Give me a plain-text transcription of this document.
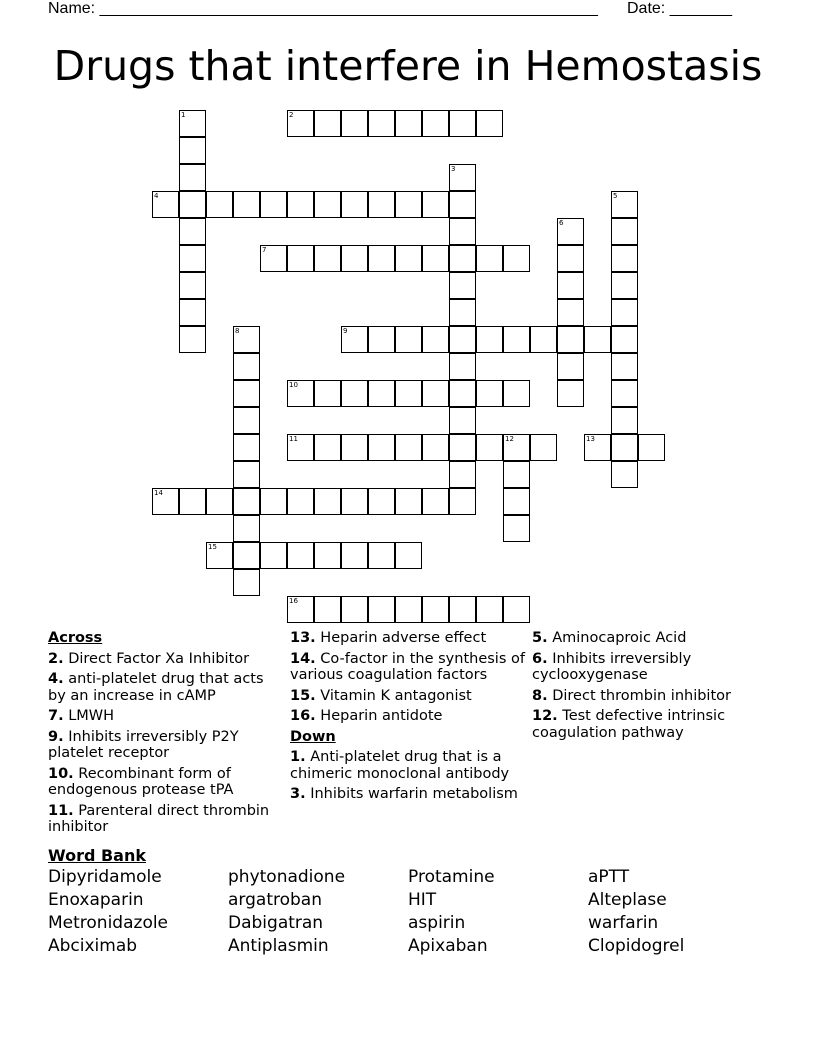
Name: ________________________________________________________ Date: _______
Drugs that interfere in Hemostasis
1	2
3
4	5
6
7
8	9
10
11	12	13
14
15
16
Across
2. Direct Factor Xa Inhibitor
4. anti-platelet drug that acts by an increase in cAMP
7. LMWH
9. Inhibits irreversibly P2Y platelet receptor
10. Recombinant form of endogenous protease tPA
11. Parenteral direct thrombin inhibitor
13. Heparin adverse effect
14. Co-factor in the synthesis of various coagulation factors
15. Vitamin K antagonist
16. Heparin antidote
Down
1. Anti-platelet drug that is a chimeric monoclonal antibody
3. Inhibits warfarin metabolism
5. Aminocaproic Acid
6. Inhibits irreversibly cyclooxygenase
8. Direct thrombin inhibitor
12. Test defective intrinsic coagulation pathway
Word Bank
Dipyridamole	phytonadione	Protamine	aPTT
Enoxaparin	argatroban	HIT	Alteplase
Metronidazole	Dabigatran	aspirin	warfarin
Abciximab	Antiplasmin	Apixaban	Clopidogrel
